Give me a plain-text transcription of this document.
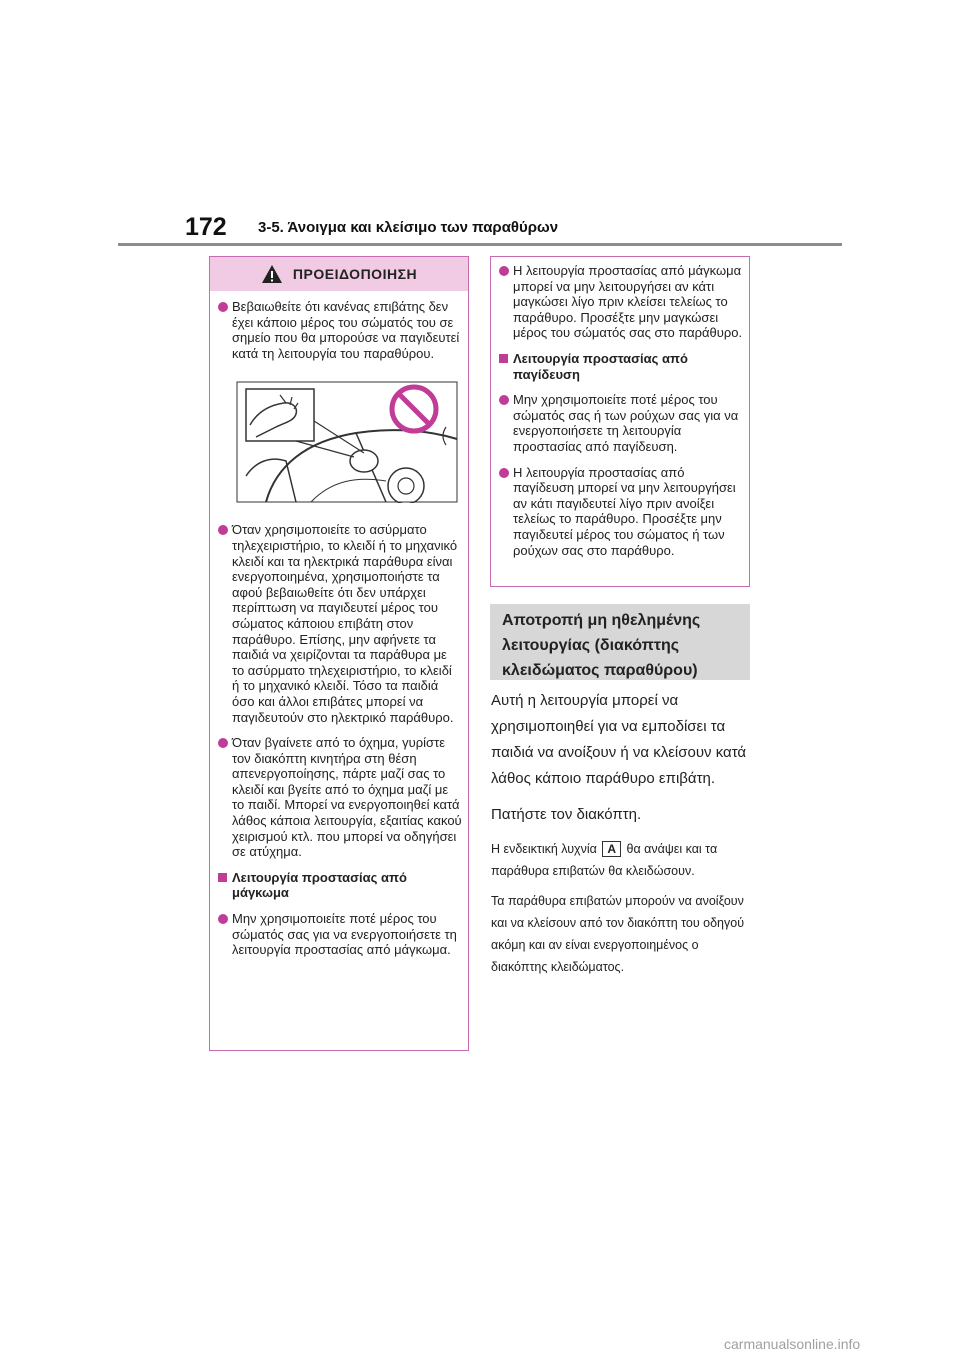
172 3-5. Άνοιγμα και κλείσιμο των παραθύρων
ΠΡΟΕΙΔΟΠΟΙΗΣΗ
Βεβαιωθείτε ότι κανένας επιβάτης δεν έχει κάποιο μέρος του σώματός του σε σημείο που θα μπορούσε να παγιδευτεί κατά τη λειτουργία του παραθύρου.
Όταν χρησιμοποιείτε το ασύρματο τηλεχειριστήριο, το κλειδί ή το μηχανικό κλειδί και τα ηλεκτρικά παράθυρα είναι ενεργοποιημένα, χρησιμοποιήστε τα αφού βεβαιωθείτε ότι δεν υπάρχει περίπτωση να παγιδευτεί μέρος του σώματος κάποιου επιβάτη στον παράθυρο. Επίσης, μην αφήνετε τα παιδιά να χειρίζονται τα παράθυρα με το ασύρματο τηλεχειριστήριο, το κλειδί ή το μηχανικό κλειδί. Τόσο τα παιδιά όσο και άλλοι επιβάτες μπορεί να παγιδευτούν στο ηλεκτρικό παράθυρο.
Όταν βγαίνετε από το όχημα, γυρίστε τον διακόπτη κινητήρα στη θέση απενεργοποίησης, πάρτε μαζί σας το κλειδί και βγείτε από το όχημα μαζί με το παιδί. Μπορεί να ενεργοποιηθεί κατά λάθος κάποια λειτουργία, εξαιτίας κακού χειρισμού κτλ. που μπορεί να οδηγήσει σε ατύχημα.
Λειτουργία προστασίας από μάγκωμα
Μην χρησιμοποιείτε ποτέ μέρος του σώματός σας για να ενεργοποιήσετε τη λειτουργία προστασίας από μάγκωμα.
Η λειτουργία προστασίας από μάγκωμα μπορεί να μην λειτουργήσει αν κάτι μαγκώσει λίγο πριν κλείσει τελείως το παράθυρο. Προσέξτε μην μαγκώσει μέρος του σώματός σας στο παράθυρο.
Λειτουργία προστασίας από παγίδευση
Μην χρησιμοποιείτε ποτέ μέρος του σώματός σας ή των ρούχων σας για να ενεργοποιήσετε τη λειτουργία προστασίας από παγίδευση.
Η λειτουργία προστασίας από παγίδευση μπορεί να μην λειτουργήσει αν κάτι παγιδευτεί λίγο πριν ανοίξει τελείως το παράθυρο. Προσέξτε μην παγιδευτεί μέρος του σώματος ή των ρούχων σας στο παράθυρο.
Αποτροπή μη ηθελημένης λειτουργίας (διακόπτης κλειδώματος παραθύρου)

Αυτή η λειτουργία μπορεί να χρησιμοποιηθεί για να εμποδίσει τα παιδιά να ανοίξουν ή να κλείσουν κατά λάθος κάποιο παράθυρο επιβάτη.

Πατήστε τον διακόπτη.

Η ενδεικτική λυχνία A θα ανάψει και τα παράθυρα επιβατών θα κλειδώσουν.

Τα παράθυρα επιβατών μπορούν να ανοίξουν και να κλείσουν από τον διακόπτη του οδηγού ακόμη και αν είναι ενεργοποιημένος ο διακόπτης κλειδώματος.

carmanualsonline.info
